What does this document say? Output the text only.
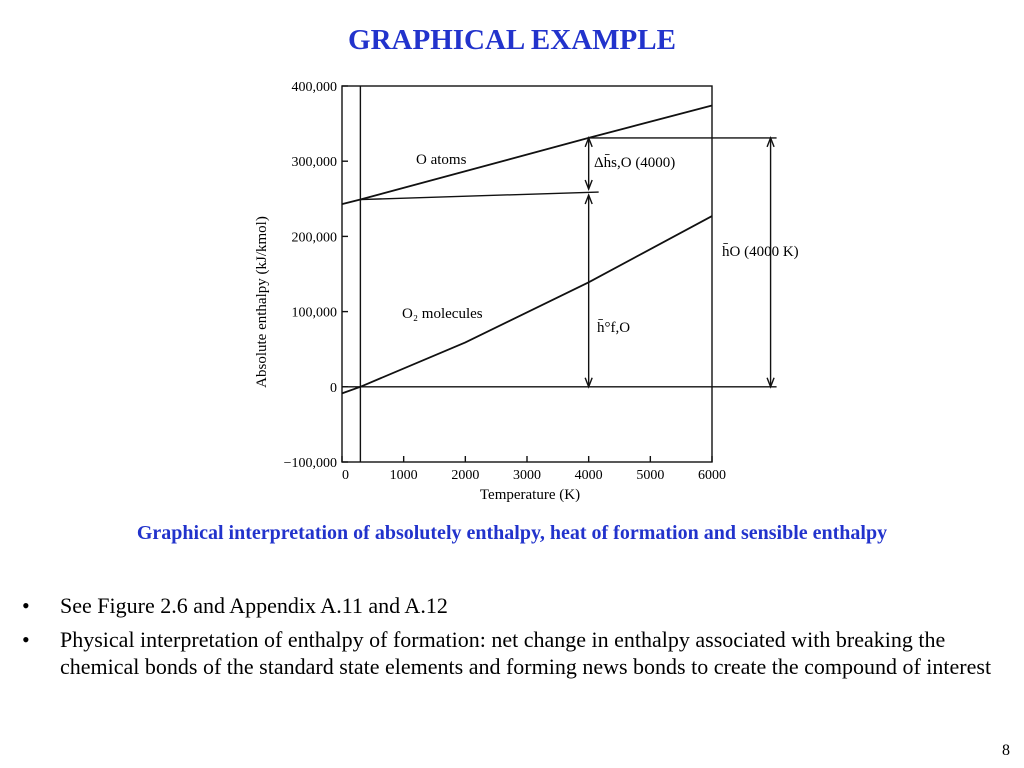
GRAPHICAL EXAMPLE
−100,000
0
100,000
200,000
300,000
400,000
0	1000 2000 3000 4000 5000 6000
Absolute enthalpy (kJ/kmol)
Temperature (K)
O atoms
O₂ molecules
Δh̄s,O (4000)
h̄°f,O
h̄O (4000 K)
Graphical interpretation of absolutely enthalpy, heat of formation and sensible enthalpy
• See Figure 2.6 and Appendix A.11 and A.12
• Physical interpretation of enthalpy of formation: net change in enthalpy associated with breaking the chemical bonds of the standard state elements and forming news bonds to create the compound of interest
8
